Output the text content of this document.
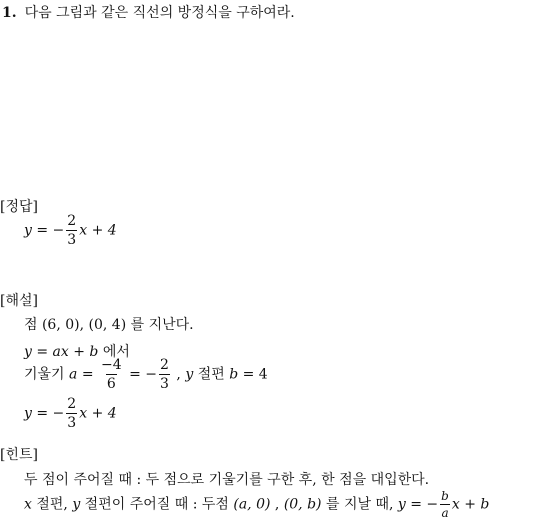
1. 다음 그림과 같은 직선의 방정식을 구하여라.
[정답]
y = − $\frac{2}{3}$ x + 4
[해설]
점 (6, 0), (0, 4) 를 지난다.
y = ax + b 에서
기울기 $a = \frac{-4}{6}$ = − $\frac{2}{3}$ , y 절편 b = 4
y = − $\frac{2}{3}$ x + 4
[힌트]
두 점이 주어질 때 : 두 점으로 기울기를 구한 후, 한 점을 대입한다.
x 절편, y 절편이 주어질 때 : 두점 (a, 0) , (0, b) 를 지날 때, y = − $\frac{b}{a}$ x + b
